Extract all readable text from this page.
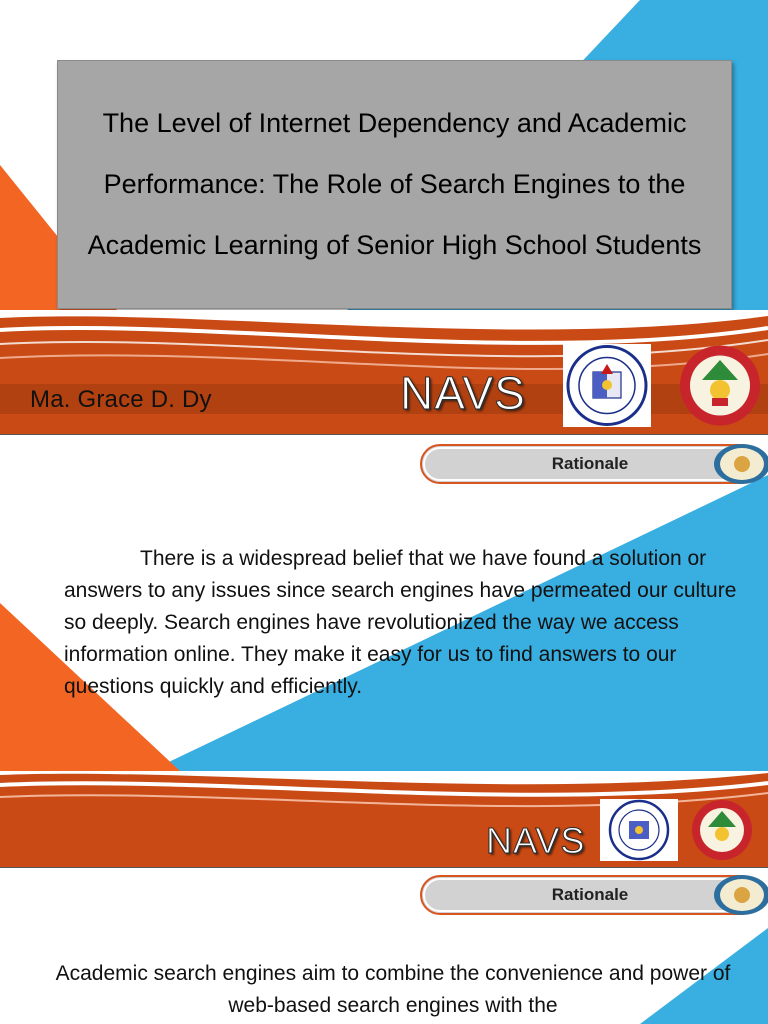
The Level of Internet Dependency and Academic Performance: The Role of Search Engines to the Academic Learning of Senior High School Students
Ma. Grace D. Dy	NAVS
Rationale

There is a widespread belief that we have found a solution or answers to any issues since search engines have permeated our culture so deeply. Search engines have revolutionized the way we access information online. They make it easy for us to find answers to our questions quickly and efficiently.

NAVS
Rationale

Academic search engines aim to combine the convenience and power of web-based search engines with the
